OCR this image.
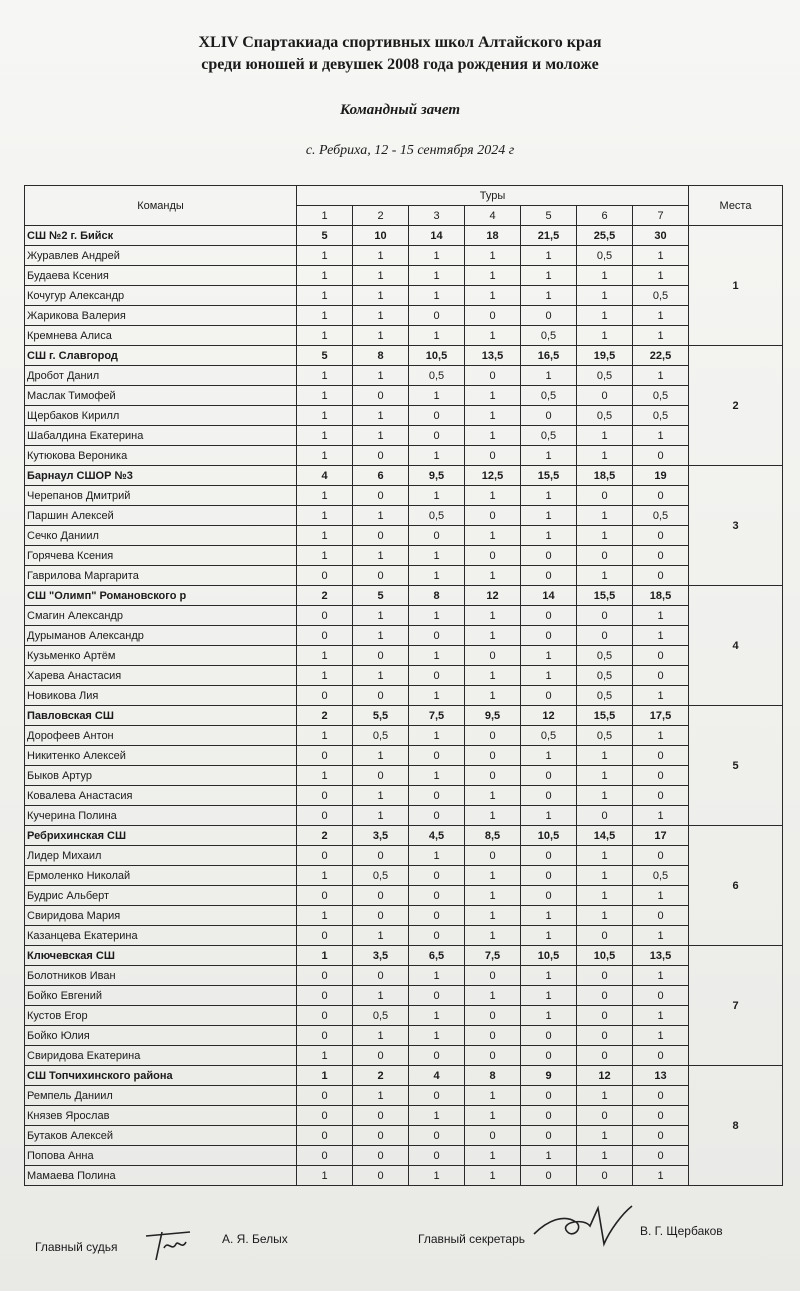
XLIV Спартакиада спортивных школ Алтайского края
среди юношей и девушек 2008 года рождения и моложе
Командный зачет
с. Ребриха, 12 - 15 сентября 2024 г
Команды	Туры							Места
	1	2	3	4	5	6	7	
СШ №2 г. Бийск	5	10	14	18	21,5	25,5	30	1
Журавлев Андрей	1	1	1	1	1	0,5	1	
Будаева Ксения	1	1	1	1	1	1	1	
Кочугур Александр	1	1	1	1	1	1	0,5	
Жарикова Валерия	1	1	0	0	0	1	1	
Кремнева Алиса	1	1	1	1	0,5	1	1	
СШ г. Славгород	5	8	10,5	13,5	16,5	19,5	22,5	2
Дробот Данил	1	1	0,5	0	1	0,5	1	
Маслак Тимофей	1	0	1	1	0,5	0	0,5	
Щербаков Кирилл	1	1	0	1	0	0,5	0,5	
Шабалдина Екатерина	1	1	0	1	0,5	1	1	
Кутюкова Вероника	1	0	1	0	1	1	0	
Барнаул СШОР №3	4	6	9,5	12,5	15,5	18,5	19	3
Черепанов Дмитрий	1	0	1	1	1	0	0	
Паршин Алексей	1	1	0,5	0	1	1	0,5	
Сечко Даниил	1	0	0	1	1	1	0	
Горячева Ксения	1	1	1	0	0	0	0	
Гаврилова Маргарита	0	0	1	1	0	1	0	
СШ "Олимп" Романовского р	2	5	8	12	14	15,5	18,5	4
Смагин Александр	0	1	1	1	0	0	1	
Дурыманов Александр	0	1	0	1	0	0	1	
Кузьменко Артём	1	0	1	0	1	0,5	0	
Харева Анастасия	1	1	0	1	1	0,5	0	
Новикова Лия	0	0	1	1	0	0,5	1	
Павловская СШ	2	5,5	7,5	9,5	12	15,5	17,5	5
Дорофеев Антон	1	0,5	1	0	0,5	0,5	1	
Никитенко Алексей	0	1	0	0	1	1	0	
Быков Артур	1	0	1	0	0	1	0	
Ковалева Анастасия	0	1	0	1	0	1	0	
Кучерина Полина	0	1	0	1	1	0	1	
Ребрихинская СШ	2	3,5	4,5	8,5	10,5	14,5	17	6
Лидер Михаил	0	0	1	0	0	1	0	
Ермоленко Николай	1	0,5	0	1	0	1	0,5	
Будрис Альберт	0	0	0	1	0	1	1	
Свиридова Мария	1	0	0	1	1	1	0	
Казанцева Екатерина	0	1	0	1	1	0	1	
Ключевская СШ	1	3,5	6,5	7,5	10,5	10,5	13,5	7
Болотников Иван	0	0	1	0	1	0	1	
Бойко Евгений	0	1	0	1	1	0	0	
Кустов Егор	0	0,5	1	0	1	0	1	
Бойко Юлия	0	1	1	0	0	0	1	
Свиридова Екатерина	1	0	0	0	0	0	0	
СШ Топчихинского района	1	2	4	8	9	12	13	8
Ремпель Даниил	0	1	0	1	0	1	0	
Князев Ярослав	0	0	1	1	0	0	0	
Бутаков Алексей	0	0	0	0	0	1	0	
Попова Анна	0	0	0	1	1	1	0	
Мамаева Полина	1	0	1	1	0	0	1	
Главный судья
А. Я. Белых	Главный секретарь
В. Г. Щербаков
